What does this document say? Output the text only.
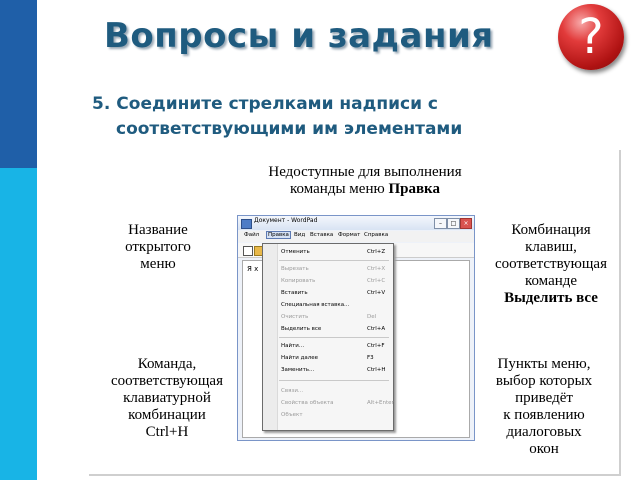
Вопросы и задания	?
5. Соедините стрелками надписи с
соответствующими им элементами
Недоступные для выполнения
команды меню Правка
Название
открытого
меню
Комбинация
клавиш,
соответствующая
команде
Выделить все
Команда,
соответствующая
клавиатурной
комбинации
Ctrl+H
Пункты меню,
выбор которых
приведёт
к появлению
диалоговых
окон
Документ - WordPad	–	□	×
Файл	Правка Вид Вставка Формат Справка
Я х
Отменить	Ctrl+Z
Вырезать	Ctrl+X
Копировать	Ctrl+C
Вставить	Ctrl+V
Специальная вставка...
Очистить	Del
Выделить все	Ctrl+A
Найти...	Ctrl+F
Найти далее	F3
Заменить...	Ctrl+H
Связи...
Свойства объекта	Alt+Enter
Объект
